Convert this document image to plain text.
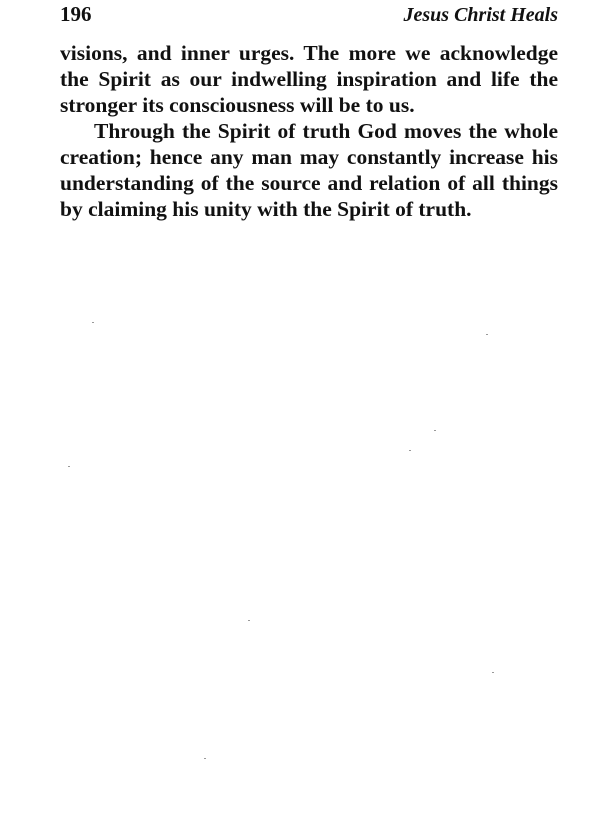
196	Jesus Christ Heals

visions, and inner urges. The more we acknowledge the Spirit as our indwelling inspiration and life the stronger its consciousness will be to us.

Through the Spirit of truth God moves the whole creation; hence any man may constantly increase his understanding of the source and relation of all things by claiming his unity with the Spirit of truth.
